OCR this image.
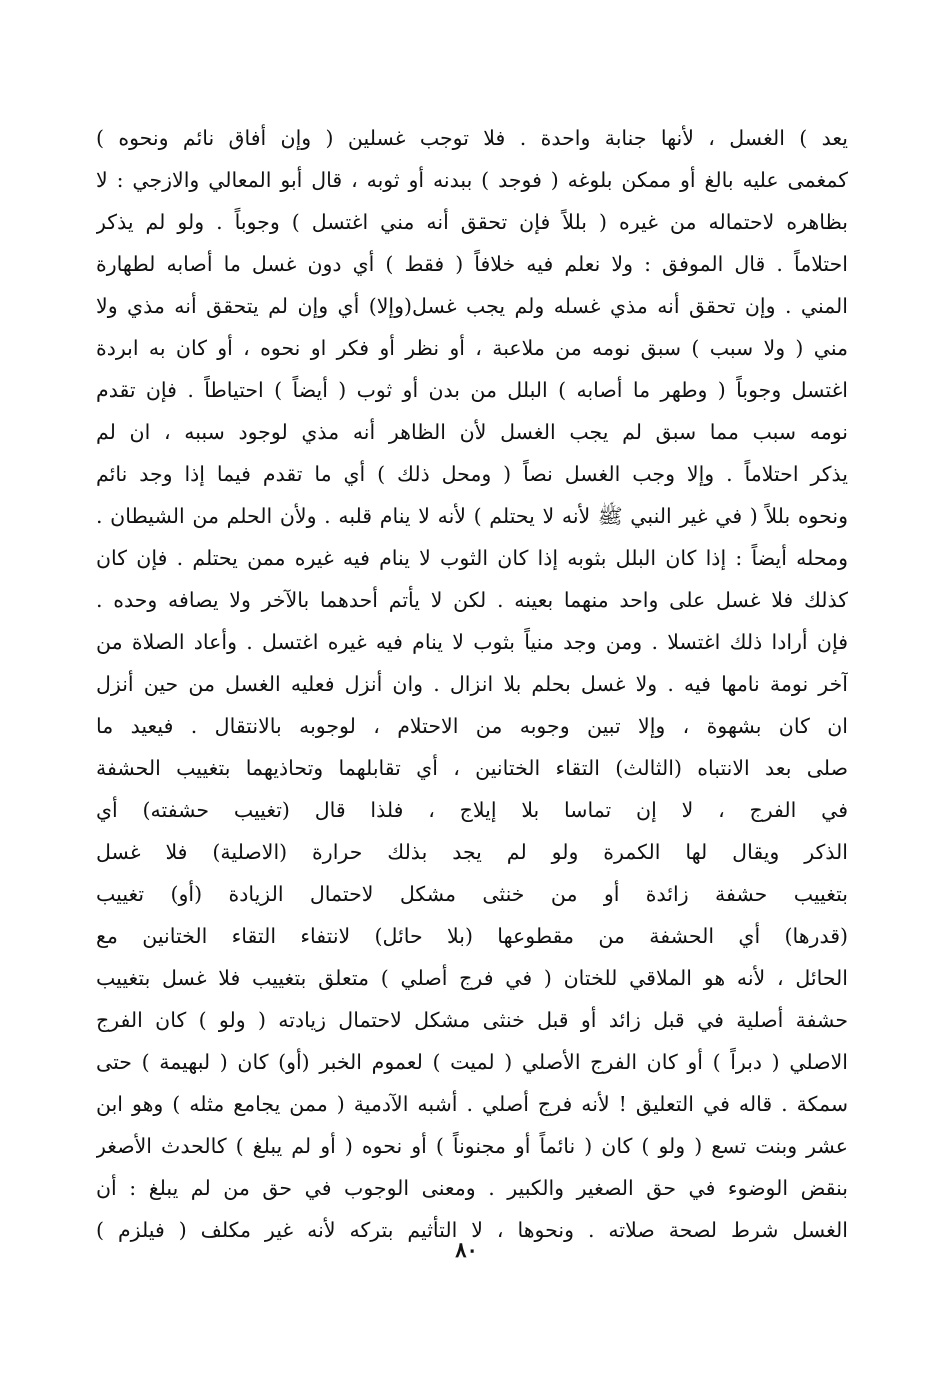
يعد ) الغسل ، لأنها جنابة واحدة . فلا توجب غسلين ( وإن أفاق نائم ونحوه )
كمغمى عليه بالغ أو ممكن بلوغه ( فوجد ) ببدنه أو ثوبه ، قال أبو المعالي والازجي : لا
بظاهره لاحتماله من غيره ( بللاً فإن تحقق أنه مني اغتسل ) وجوباً . ولو لم يذكر
احتلاماً . قال الموفق : ولا نعلم فيه خلافاً ( فقط ) أي دون غسل ما أصابه لطهارة
المني . وإن تحقق أنه مذي غسله ولم يجب غسل(وإلا) أي وإن لم يتحقق أنه مذي ولا
مني ( ولا سبب ) سبق نومه من ملاعبة ، أو نظر أو فكر او نحوه ، أو كان به ابردة
اغتسل وجوباً ( وطهر ما أصابه ) البلل من بدن أو ثوب ( أيضاً ) احتياطاً . فإن تقدم
نومه سبب مما سبق لم يجب الغسل لأن الظاهر أنه مذي لوجود سببه ، ان لم
يذكر احتلاماً . وإلا وجب الغسل نصاً ( ومحل ذلك ) أي ما تقدم فيما إذا وجد نائم
ونحوه بللاً ( في غير النبي ﷺ لأنه لا يحتلم ) لأنه لا ينام قلبه . ولأن الحلم من الشيطان .
ومحله أيضاً : إذا كان البلل بثوبه إذا كان الثوب لا ينام فيه غيره ممن يحتلم . فإن كان
كذلك فلا غسل على واحد منهما بعينه . لكن لا يأتم أحدهما بالآخر ولا يصافه وحده .
فإن أرادا ذلك اغتسلا . ومن وجد منياً بثوب لا ينام فيه غيره اغتسل . وأعاد الصلاة من
آخر نومة نامها فيه . ولا غسل بحلم بلا انزال . وان أنزل فعليه الغسل من حين أنزل
ان كان بشهوة ، وإلا تبين وجوبه من الاحتلام ، لوجوبه بالانتقال . فيعيد ما
صلى بعد الانتباه (الثالث) التقاء الختانين ، أي تقابلهما وتحاذيهما بتغييب الحشفة
في الفرج ، لا إن تماسا بلا إيلاج ، فلذا قال (تغييب حشفته) أي
الذكر ويقال لها الكمرة ولو لم يجد بذلك حرارة (الاصلية) فلا غسل
بتغييب حشفة زائدة أو من خنثى مشكل لاحتمال الزيادة (أو) تغييب
(قدرها) أي الحشفة من مقطوعها (بلا حائل) لانتفاء التقاء الختانين مع
الحائل ، لأنه هو الملاقي للختان ( في فرج أصلي ) متعلق بتغييب فلا غسل بتغييب
حشفة أصلية في قبل زائد أو قبل خنثى مشكل لاحتمال زيادته ( ولو ) كان الفرج
الاصلي ( دبراً ) أو كان الفرج الأصلي ( لميت ) لعموم الخبر (أو) كان ( لبهيمة ) حتى
سمكة . قاله في التعليق ! لأنه فرج أصلي . أشبه الآدمية ( ممن يجامع مثله ) وهو ابن
عشر وبنت تسع ( ولو ) كان ( نائماً أو مجنوناً ) أو نحوه ( أو لم يبلغ ) كالحدث الأصغر
بنقض الوضوء في حق الصغير والكبير . ومعنى الوجوب في حق من لم يبلغ : أن
الغسل شرط لصحة صلاته . ونحوها ، لا التأثيم بتركه لأنه غير مكلف ( فيلزم )
٨٠
